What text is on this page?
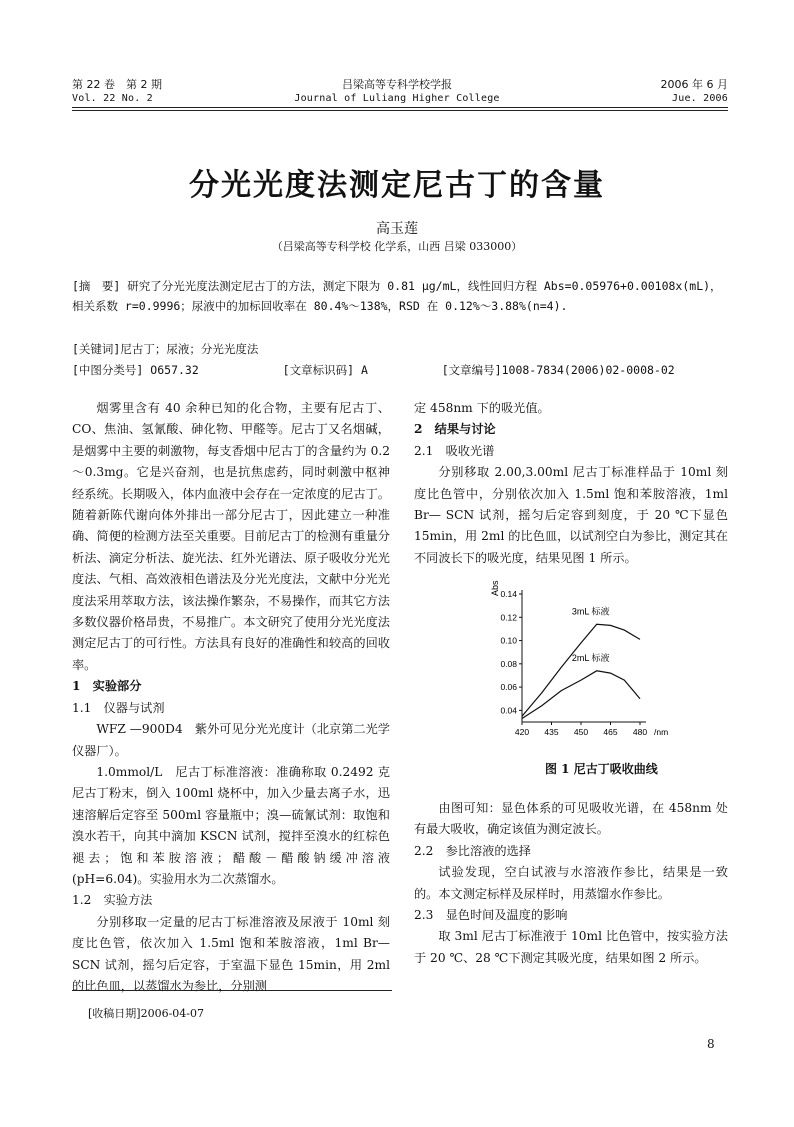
第 22 卷　第 2 期	吕梁高等专科学校学报	2006 年 6 月
Vol. 22 No. 2	Journal of Luliang Higher College	Jue. 2006
分光光度法测定尼古丁的含量
高玉莲
（吕梁高等专科学校 化学系，山西 吕梁 033000）
[摘　要] 研究了分光光度法测定尼古丁的方法，测定下限为 0.81 μg/mL，线性回归方程 Abs=0.05976+0.00108x(mL)，相关系数 r=0.9996；尿液中的加标回收率在 80.4%～138%，RSD 在 0.12%～3.88%(n=4).
[关键词]尼古丁；尿液；分光光度法
[中图分类号] O657.32	[文章标识码] A	[文章编号]1008-7834(2006)02-0008-02

烟雾里含有 40 余种已知的化合物，主要有尼古丁、CO、焦油、氢氰酸、砷化物、甲醛等。尼古丁又名烟碱，是烟雾中主要的刺激物，每支香烟中尼古丁的含量约为 0.2～0.3mg。它是兴奋剂，也是抗焦虑药，同时刺激中枢神经系统。长期吸入，体内血液中会存在一定浓度的尼古丁。随着新陈代谢向体外排出一部分尼古丁，因此建立一种准确、简便的检测方法至关重要。目前尼古丁的检测有重量分析法、滴定分析法、旋光法、红外光谱法、原子吸收分光光度法、气相、高效液相色谱法及分光光度法，文献中分光光度法采用萃取方法，该法操作繁杂，不易操作，而其它方法多数仪器价格昂贵，不易推广。本文研究了使用分光光度法测定尼古丁的可行性。方法具有良好的准确性和较高的回收率。

1　实验部分

1.1　仪器与试剂

WFZ —900D4　紫外可见分光光度计（北京第二光学仪器厂）。

1.0mmol/L　尼古丁标准溶液：准确称取 0.2492 克尼古丁粉末，倒入 100ml 烧杯中，加入少量去离子水，迅速溶解后定容至 500ml 容量瓶中；溴—硫氰试剂：取饱和溴水若干，向其中滴加 KSCN 试剂，搅拌至溴水的红棕色褪去；饱和苯胺溶液；醋酸－醋酸钠缓冲溶液(pH=6.04)。实验用水为二次蒸馏水。

1.2　实验方法

分别移取一定量的尼古丁标准溶液及尿液于 10ml 刻度比色管，依次加入 1.5ml 饱和苯胺溶液，1ml Br— SCN 试剂，摇匀后定容，于室温下显色 15min，用 2ml 的比色皿，以蒸馏水为参比，分别测

定 458nm 下的吸光值。

2　结果与讨论

2.1　吸收光谱

分别移取 2.00,3.00ml 尼古丁标准样品于 10ml 刻度比色管中，分别依次加入 1.5ml 饱和苯胺溶液，1ml Br— SCN 试剂，摇匀后定容到刻度，于 20 ℃下显色 15min，用 2ml 的比色皿，以试剂空白为参比，测定其在不同波长下的吸光度，结果见图 1 所示。

Abs
0.04
0.06
0.08
0.10
0.12
0.14
420 435 450 465 480 /nm
3mL 标液
2mL 标液
图 1 尼古丁吸收曲线

由图可知：显色体系的可见吸收光谱，在 458nm 处有最大吸收，确定该值为测定波长。

2.2　参比溶液的选择

试验发现，空白试液与水溶液作参比，结果是一致的。本文测定标样及尿样时，用蒸馏水作参比。

2.3　显色时间及温度的影响

取 3ml 尼古丁标准液于 10ml 比色管中，按实验方法于 20 ℃、28 ℃下测定其吸光度，结果如图 2 所示。

[收稿日期]2006-04-07
8
